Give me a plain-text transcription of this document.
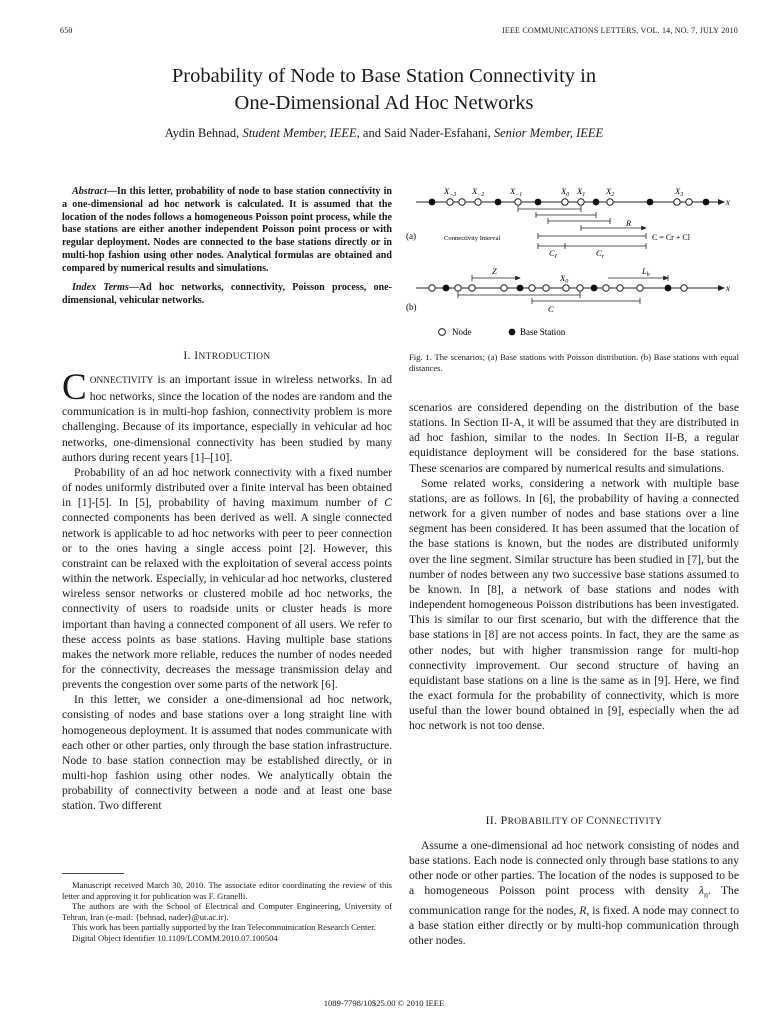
650	IEEE COMMUNICATIONS LETTERS, VOL. 14, NO. 7, JULY 2010
Probability of Node to Base Station Connectivity in
One-Dimensional Ad Hoc Networks
Aydin Behnad, Student Member, IEEE, and Said Nader-Esfahani, Senior Member, IEEE

Abstract—In this letter, probability of node to base station connectivity in a one-dimensional ad hoc network is calculated. It is assumed that the location of the nodes follows a homogeneous Poisson point process, while the base stations are either another independent Poisson point process or with regular deployment. Nodes are connected to the base stations directly or in multi-hop fashion using other nodes. Analytical formulas are obtained and compared by numerical results and simulations.

Index Terms—Ad hoc networks, connectivity, Poisson process, one-dimensional, vehicular networks.

I. INTRODUCTION

CONNECTIVITY is an important issue in wireless networks. In ad hoc networks, since the location of the nodes are random and the communication is in multi-hop fashion, connectivity problem is more challenging. Because of its importance, especially in vehicular ad hoc networks, one-dimensional connectivity has been studied by many authors during recent years [1]–[10].

Probability of an ad hoc network connectivity with a fixed number of nodes uniformly distributed over a finite interval has been obtained in [1]-[5]. In [5], probability of having maximum number of C connected components has been derived as well. A single connected network is applicable to ad hoc networks with peer to peer connection or to the ones having a single access point [2]. However, this constraint can be relaxed with the exploitation of several access points within the network. Especially, in vehicular ad hoc networks, clustered wireless sensor networks or clustered mobile ad hoc networks, the connectivity of users to roadside units or cluster heads is more important than having a connected component of all users. We refer to these access points as base stations. Having multiple base stations makes the network more reliable, reduces the number of nodes needed for the connectivity, decreases the message transmission delay and prevents the congestion over some parts of the network [6].

In this letter, we consider a one-dimensional ad hoc network, consisting of nodes and base stations over a long straight line with homogeneous deployment. It is assumed that nodes communicate with each other or other parties, only through the base station infrastructure. Node to base station connection may be established directly, or in multi-hop fashion using other nodes. We analytically obtain the probability of connectivity between a node and at least one base station. Two different

Manuscript received March 30, 2010. The associate editor coordinating the review of this letter and approving it for publication was F. Granelli.

The authors are with the School of Electrical and Computer Engineering, University of Tehran, Iran (e-mail: {behnad, nader}@ut.ac.ir).

This work has been partially supported by the Iran Telecommunication Research Center.

Digital Object Identifier 10.1109/LCOMM.2010.07.100504

x
$X_{-3}$ $X_{-2}$	$X_{-1}$	$X_0$ $X_1$ $X_2$	$X_3$
R
(a)	Connectivity Interval
$C_\ell$	$C_r$
C = Cr + Cl
x
Z
$X_0$
$L_b$
C
(b)
Node	Base Station
Fig. 1. The scenarios; (a) Base stations with Poisson distribution. (b) Base stations with equal distances.

scenarios are considered depending on the distribution of the base stations. In Section II-A, it will be assumed that they are distributed in ad hoc fashion, similar to the nodes. In Section II-B, a regular equidistance deployment will be considered for the base stations. These scenarios are compared by numerical results and simulations.

Some related works, considering a network with multiple base stations, are as follows. In [6], the probability of having a connected network for a given number of nodes and base stations over a line segment has been considered. It has been assumed that the location of the base stations is known, but the nodes are distributed uniformly over the line segment. Similar structure has been studied in [7], but the number of nodes between any two successive base stations assumed to be known. In [8], a network of base stations and nodes with independent homogeneous Poisson distributions has been investigated. This is similar to our first scenario, but with the difference that the base stations in [8] are not access points. In fact, they are the same as other nodes, but with higher transmission range for multi-hop connectivity improvement. Our second structure of having an equidistant base stations on a line is the same as in [9]. Here, we find the exact formula for the probability of connectivity, which is more useful than the lower bound obtained in [9], especially when the ad hoc network is not too dense.

II. PROBABILITY OF CONNECTIVITY

Assume a one-dimensional ad hoc network consisting of nodes and base stations. Each node is connected only through base stations to any other node or other parties. The location of the nodes is supposed to be a homogeneous Poisson point process with density $\lambda_n$. The communication range for the nodes, R, is fixed. A node may connect to a base station either directly or by multi-hop communication through other nodes.

1089-7798/10$25.00 © 2010 IEEE
